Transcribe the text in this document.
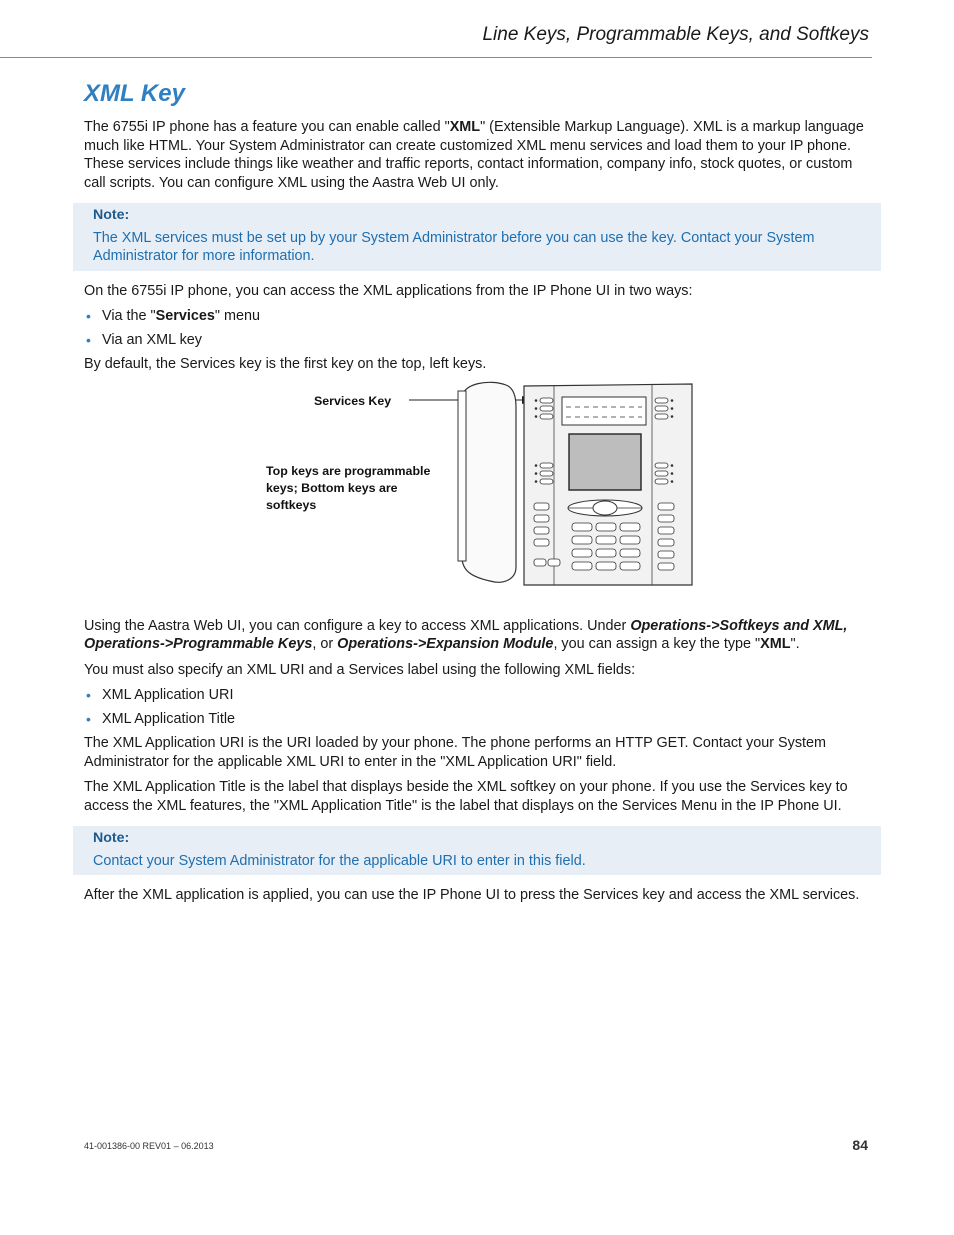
Line Keys, Programmable Keys, and Softkeys
XML Key

The 6755i IP phone has a feature you can enable called "XML" (Extensible Markup Language). XML is a markup language much like HTML. Your System Administrator can create customized XML menu services and load them to your IP phone. These services include things like weather and traffic reports, contact information, company info, stock quotes, or custom call scripts. You can configure XML using the Aastra Web UI only.

Note:
The XML services must be set up by your System Administrator before you can use the key. Contact your System Administrator for more information.

On the 6755i IP phone, you can access the XML applications from the IP Phone UI in two ways:

• Via the "Services" menu
• Via an XML key

By default, the Services key is the first key on the top, left keys.

Services Key
Top keys are programmable keys; Bottom keys are softkeys

Using the Aastra Web UI, you can configure a key to access XML applications. Under Operations->Softkeys and XML, Operations->Programmable Keys, or Operations->Expansion Module, you can assign a key the type "XML".

You must also specify an XML URI and a Services label using the following XML fields:

• XML Application URI
• XML Application Title

The XML Application URI is the URI loaded by your phone. The phone performs an HTTP GET. Contact your System Administrator for the applicable XML URI to enter in the "XML Application URI" field.

The XML Application Title is the label that displays beside the XML softkey on your phone. If you use the Services key to access the XML features, the "XML Application Title" is the label that displays on the Services Menu in the IP Phone UI.

Note:
Contact your System Administrator for the applicable URI to enter in this field.

After the XML application is applied, you can use the IP Phone UI to press the Services key and access the XML services.

41-001386-00 REV01 – 06.2013	84
